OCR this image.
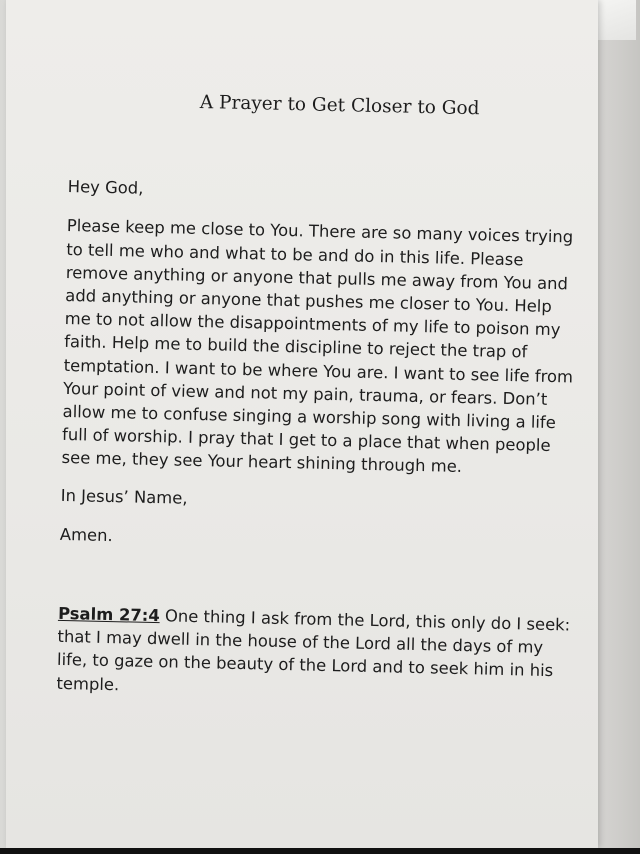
A Prayer to Get Closer to God

Hey God,

Please keep me close to You. There are so many voices trying to tell me who and what to be and do in this life. Please remove anything or anyone that pulls me away from You and add anything or anyone that pushes me closer to You. Help me to not allow the disappointments of my life to poison my faith. Help me to build the discipline to reject the trap of temptation. I want to be where You are. I want to see life from Your point of view and not my pain, trauma, or fears. Don’t allow me to confuse singing a worship song with living a life full of worship. I pray that I get to a place that when people see me, they see Your heart shining through me.

In Jesus’ Name,

Amen.

Psalm 27:4 One thing I ask from the Lord, this only do I seek: that I may dwell in the house of the Lord all the days of my life, to gaze on the beauty of the Lord and to seek him in his temple.
